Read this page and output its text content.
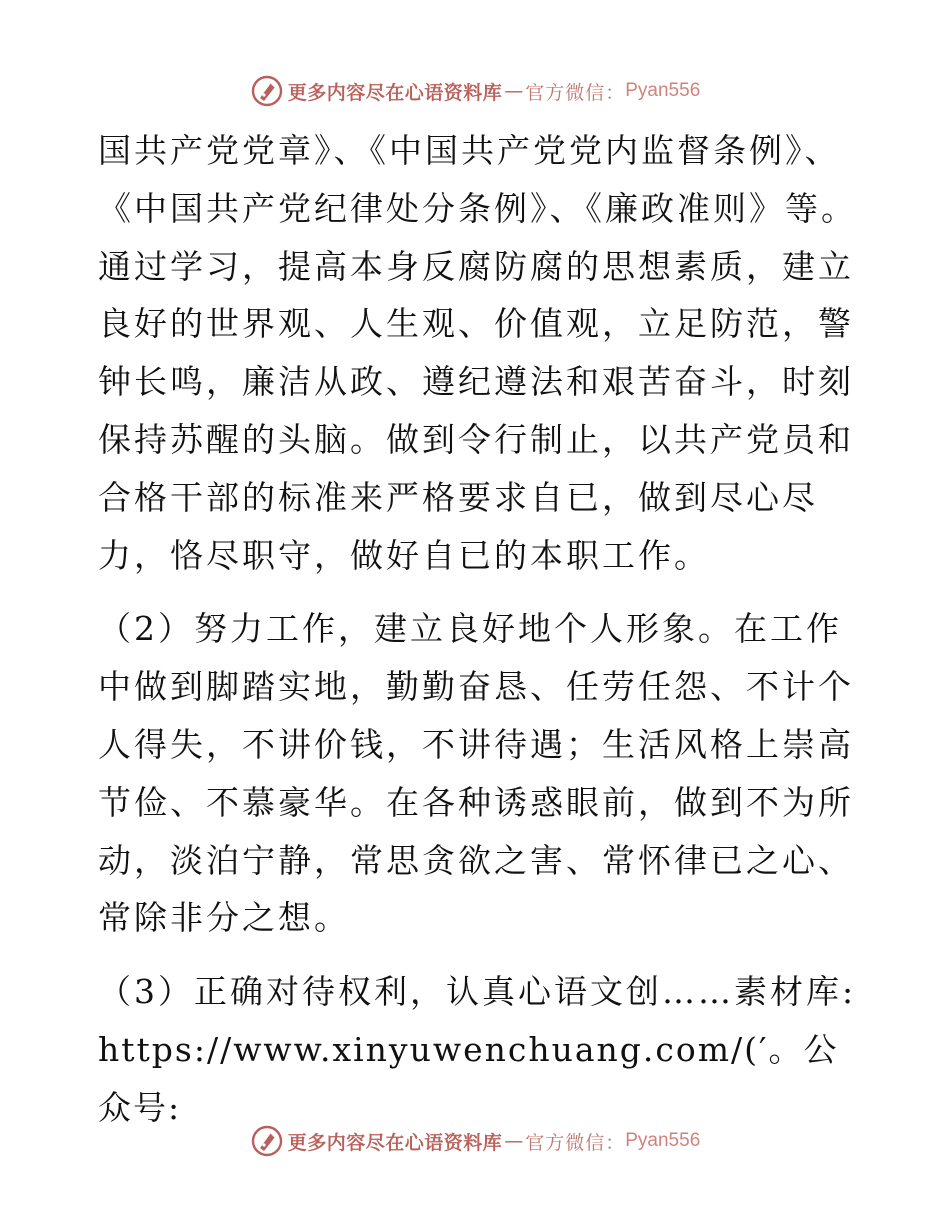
更多内容尽在心语资料库 — 官方微信： Pyan556

国共产党党章》、《中国共产党党内监督条例》、《中国共产党纪律处分条例》、《廉政准则》等。通过学习，提高本身反腐防腐的思想素质，建立良好的世界观、人生观、价值观，立足防范，警钟长鸣，廉洁从政、遵纪遵法和艰苦奋斗，时刻保持苏醒的头脑。做到令行制止，以共产党员和合格干部的标准来严格要求自已，做到尽心尽力，恪尽职守，做好自已的本职工作。

（2）努力工作，建立良好地个人形象。在工作中做到脚踏实地，勤勤奋恳、任劳任怨、不计个人得失，不讲价钱，不讲待遇；生活风格上崇高节俭、不慕豪华。在各种诱惑眼前，做到不为所动，淡泊宁静，常思贪欲之害、常怀律已之心、常除非分之想。

（3）正确对待权利，认真心语文创……素材库:
https://www.xinyuwenchuang.com/(′。公众号:

更多内容尽在心语资料库 — 官方微信： Pyan556
